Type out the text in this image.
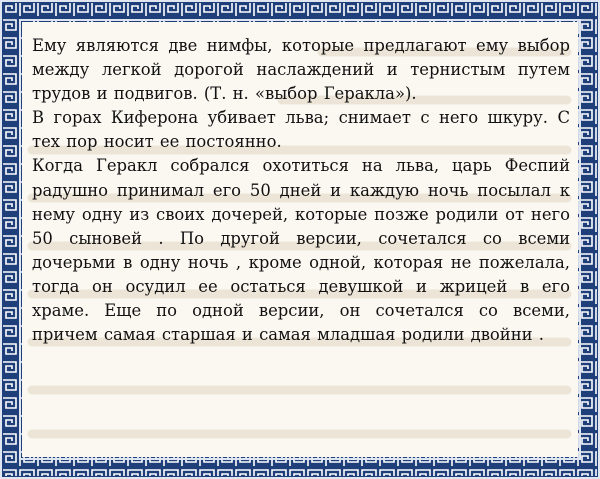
Ему являются две нимфы, которые предлагают ему выбор между легкой дорогой наслаждений и тернистым путем трудов и подвигов. (Т. н. «выбор Геракла»).

В горах Киферона убивает льва; снимает с него шкуру. С тех пор носит ее постоянно.

Когда Геракл собрался охотиться на льва, царь Феспий радушно принимал его 50 дней и каждую ночь посылал к нему одну из своих дочерей, которые позже родили от него 50 сыновей . По другой версии, сочетался со всеми дочерьми в одну ночь , кроме одной, которая не пожелала, тогда он осудил ее остаться девушкой и жрицей в его храме. Еще по одной версии, он сочетался со всеми, причем самая старшая и самая младшая родили двойни .
